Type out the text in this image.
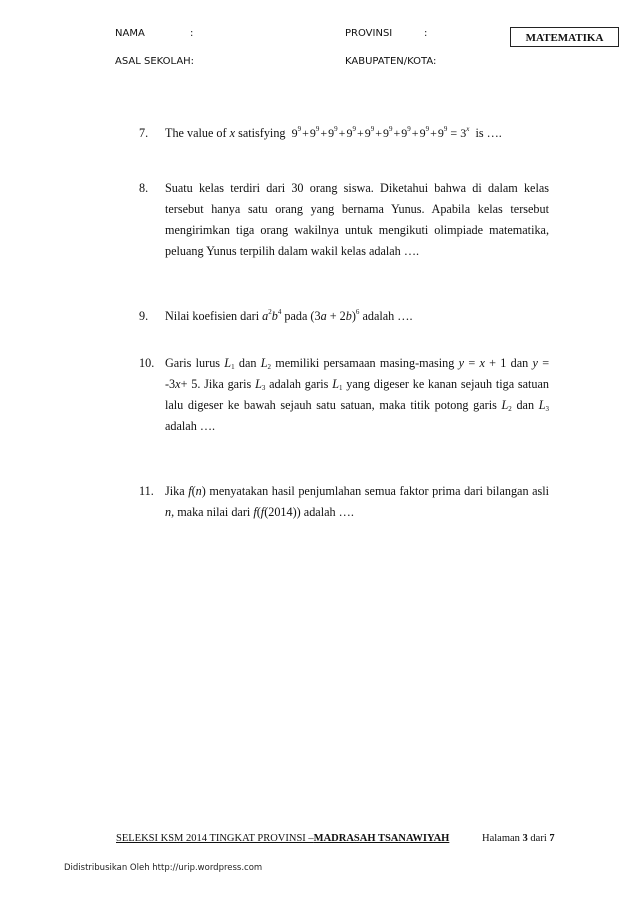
NAMA	:	PROVINSI	:
ASAL SEKOLAH:	KABUPATEN/KOTA:
MATEMATIKA
7.	The value of x satisfying $9^9+9^9+9^9+9^9+9^9+9^9+9^9+9^9+9^9 = 3^x$ is ….
8.	Suatu kelas terdiri dari 30 orang siswa. Diketahui bahwa di dalam kelas tersebut hanya satu orang yang bernama Yunus. Apabila kelas tersebut mengirimkan tiga orang wakilnya untuk mengikuti olimpiade matematika, peluang Yunus terpilih dalam wakil kelas adalah ….
9.	Nilai koefisien dari $a^2b^4$ pada $(3a + 2b)^6$ adalah ….
10. Garis lurus $L_1$ dan $L_2$ memiliki persamaan masing-masing y = x + 1 dan y = -3x+ 5. Jika garis $L_3$ adalah garis $L_1$ yang digeser ke kanan sejauh tiga satuan lalu digeser ke bawah sejauh satu satuan, maka titik potong garis $L_2$ dan $L_3$ adalah ….
11. Jika f(n) menyatakan hasil penjumlahan semua faktor prima dari bilangan asli n, maka nilai dari f(f(2014)) adalah ….
SELEKSI KSM 2014 TINGKAT PROVINSI –MADRASAH TSANAWIYAH	Halaman 3 dari 7
Didistribusikan Oleh http://urip.wordpress.com
